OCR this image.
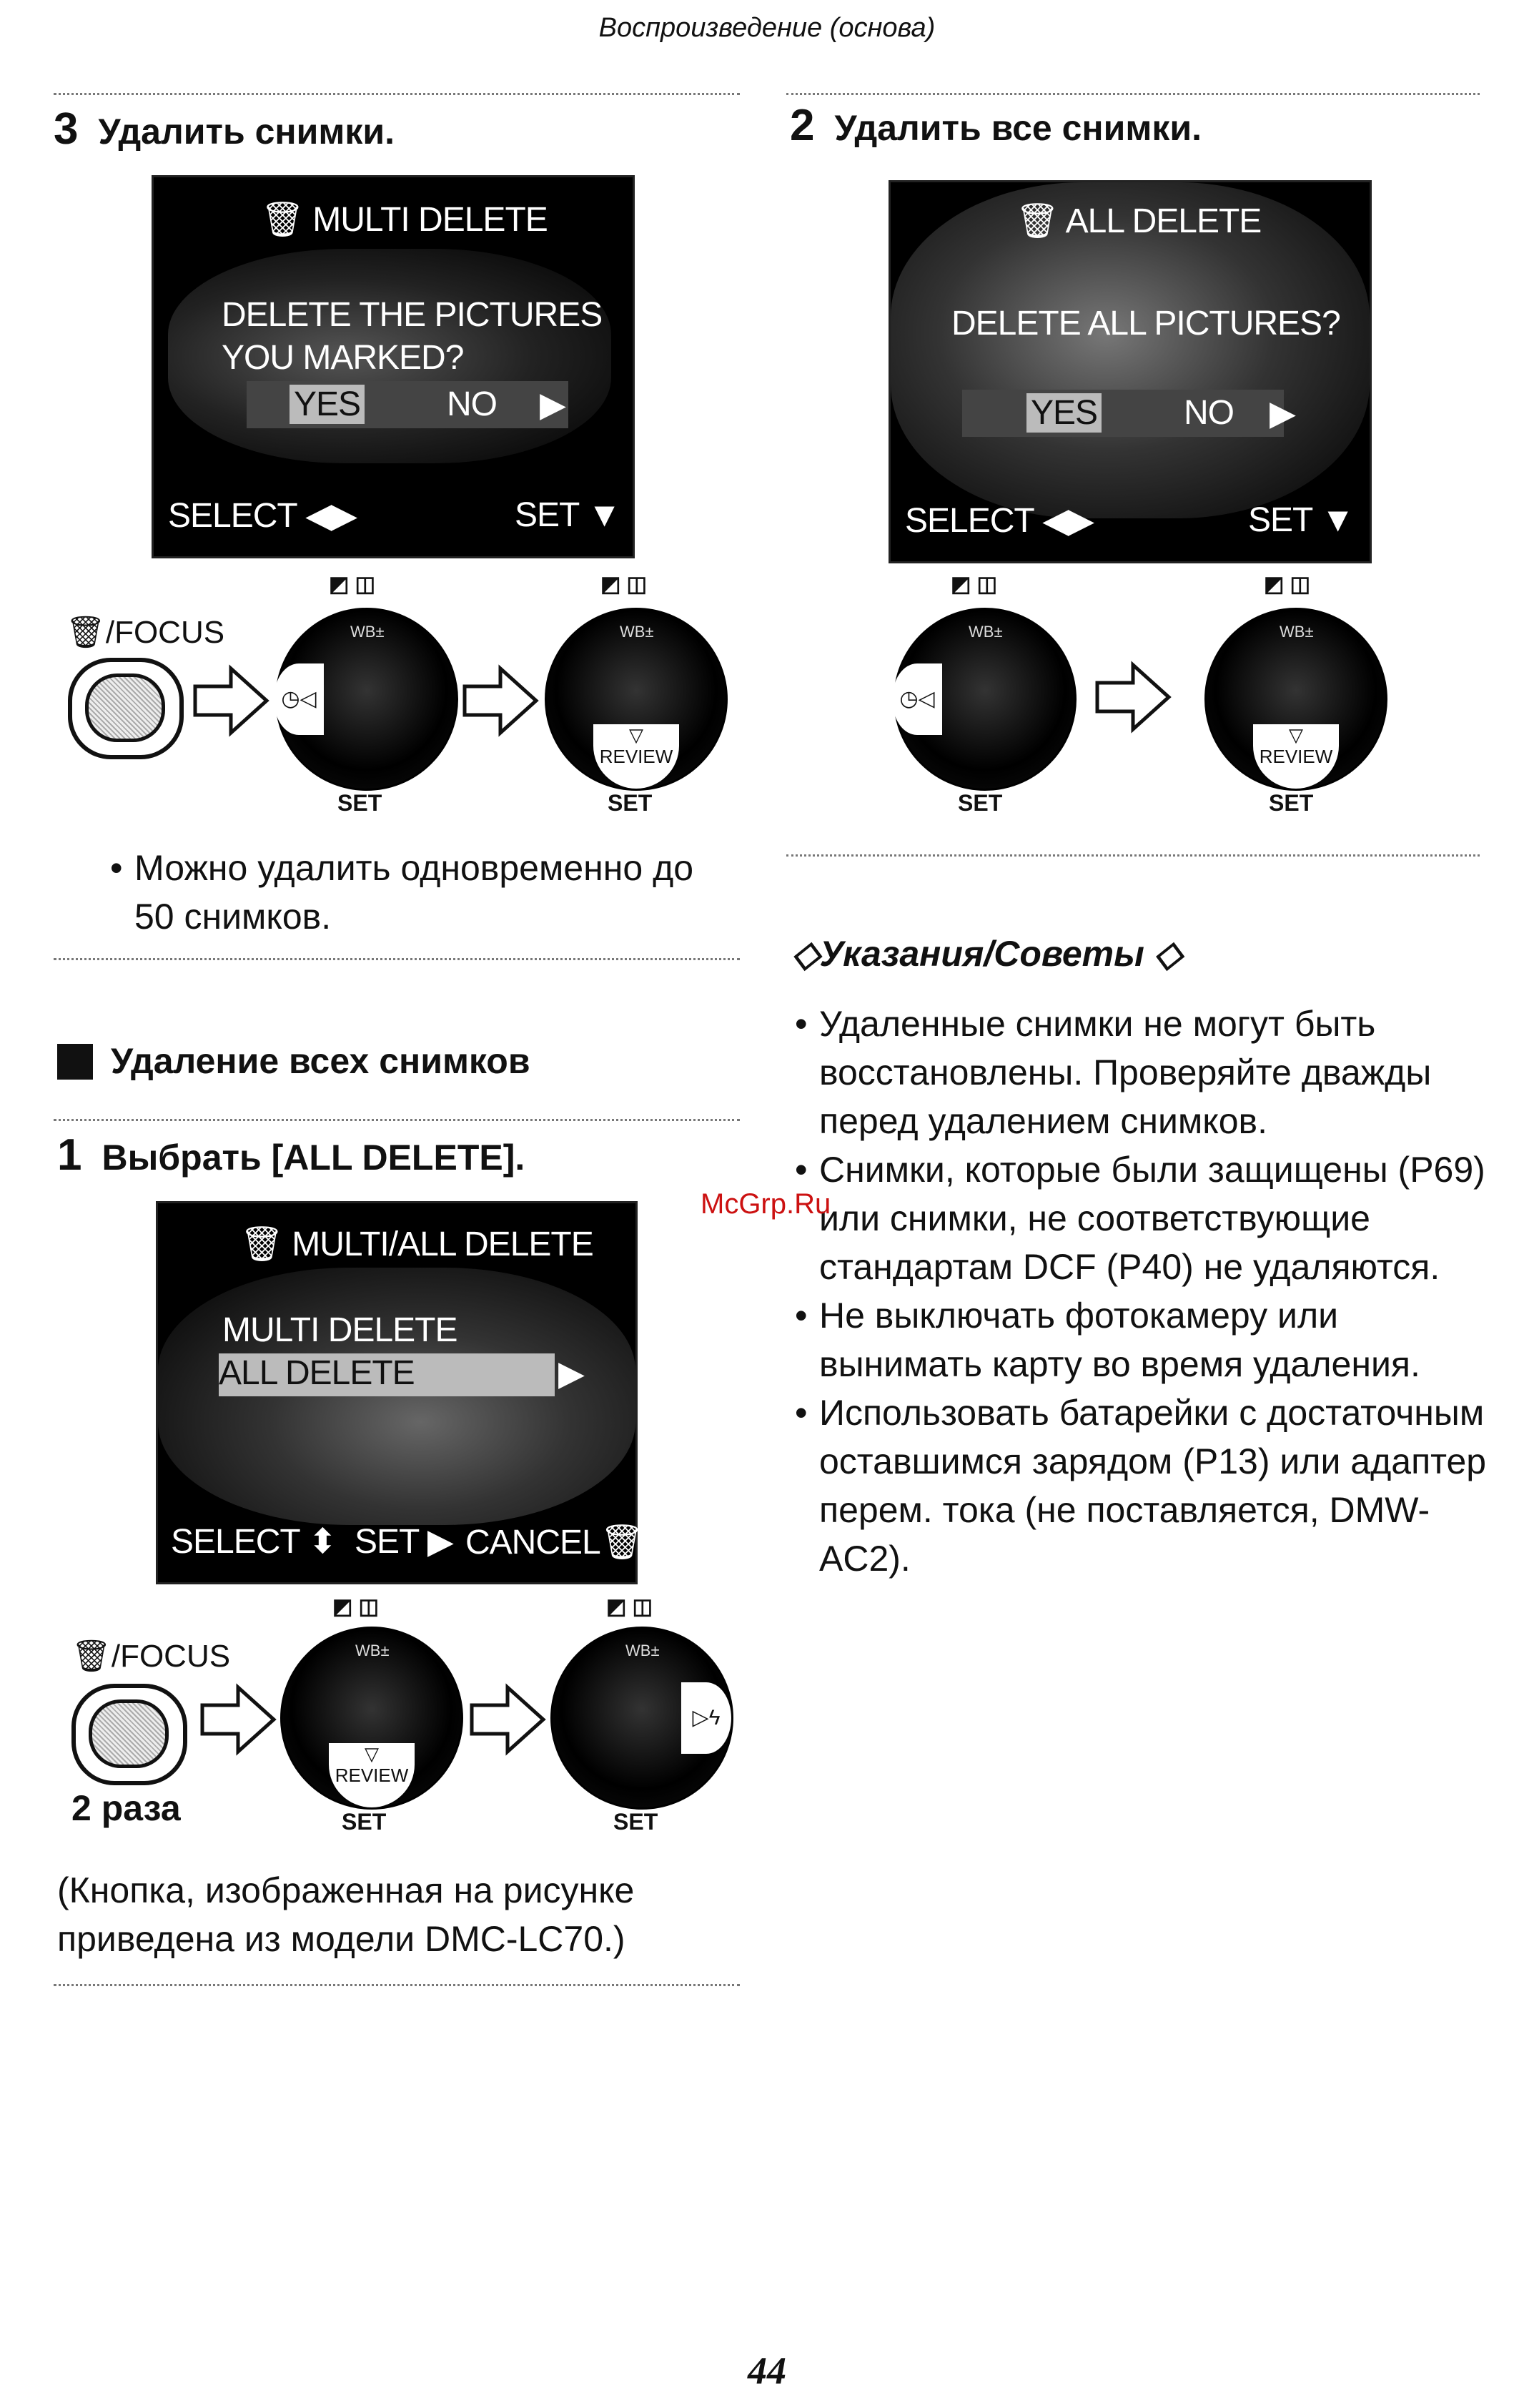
Воспроизведение (основа)
3 Удалить снимки.
🗑 MULTI DELETE
DELETE THE PICTURES
YOU MARKED?
YES	NO ▶
SELECT ◀▶	SET ▼
◩ ◫	◩ ◫
🗑/FOCUS	WB±
◷◁
SET
WB±
▽
REVIEW
SET
• Можно удалить одновременно до 50 снимков.
Удаление всех снимков
1 Выбрать [ALL DELETE].
🗑 MULTI/ALL DELETE
MULTI DELETE
ALL DELETE	▶
SELECT ⬍ SET ▶ CANCEL🗑
◩ ◫	◩ ◫
🗑/FOCUS
2 раза
WB±
▽
REVIEW
SET
WB±
▷ϟ
SET
(Кнопка, изображенная на рисунке приведена из модели DMC-LC70.)
2 Удалить все снимки.
🗑 ALL DELETE
DELETE ALL PICTURES?
YES	NO ▶
SELECT ◀▶	SET ▼
◩ ◫	◩ ◫
WB±
◷◁
SET
WB±
▽
REVIEW
SET
◇Указания/Советы ◇
• Удаленные снимки не могут быть восстановлены. Проверяйте дважды перед удалением снимков.
• Снимки, которые были защищены (P69) или снимки, не соответствующие стандартам DCF (P40) не удаляются.
• Не выключать фотокамеру или вынимать карту во время удаления.
• Использовать батарейки с достаточным оставшимся зарядом (P13) или адаптер перем. тока (не поставляется, DMW-AC2).
McGrp.Ru
44
